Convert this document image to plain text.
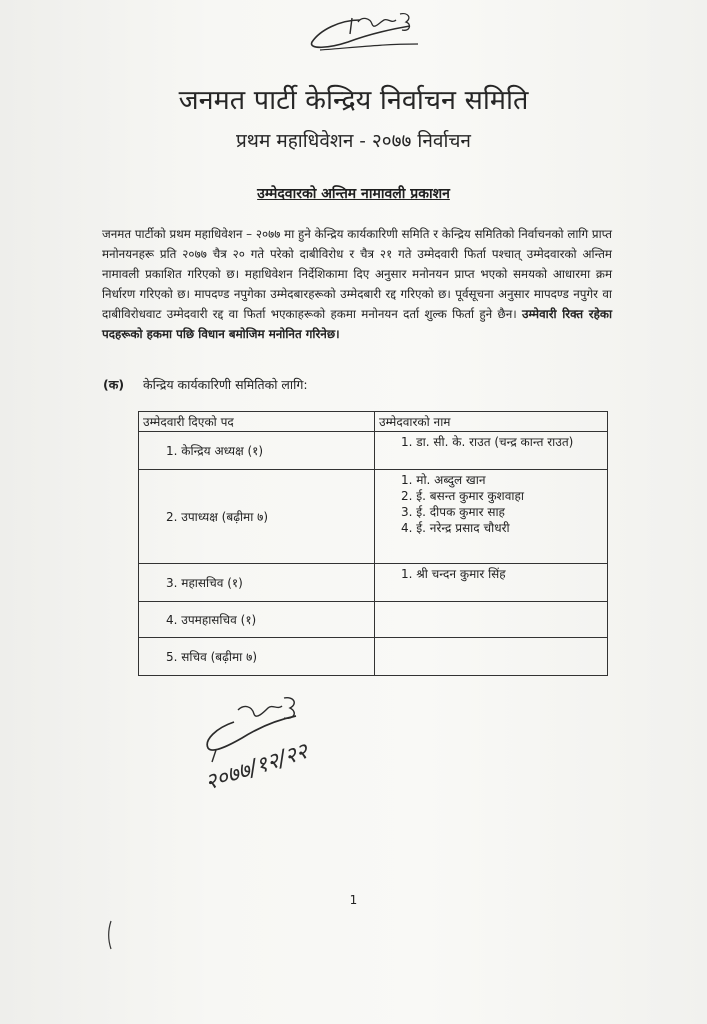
जनमत पार्टी केन्द्रिय निर्वाचन समिति
प्रथम महाधिवेशन - २०७७ निर्वाचन
उम्मेदवारको अन्तिम नामावली प्रकाशन

जनमत पार्टीको प्रथम महाधिवेशन – २०७७ मा हुने केन्द्रिय कार्यकारिणी समिति र केन्द्रिय समितिको निर्वाचनको लागि प्राप्त मनोनयनहरू प्रति २०७७ चैत्र २० गते परेको दाबीविरोध र चैत्र २१ गते उम्मेदवारी फिर्ता पश्चात् उम्मेदवारको अन्तिम नामावली प्रकाशित गरिएको छ। महाधिवेशन निर्देशिकामा दिए अनुसार मनोनयन प्राप्त भएको समयको आधारमा क्रम निर्धारण गरिएको छ। मापदण्ड नपुगेका उम्मेदबारहरूको उम्मेदबारी रद्द गरिएको छ। पूर्वसूचना अनुसार मापदण्ड नपुगेर वा दाबीविरोधवाट उम्मेदवारी रद्द वा फिर्ता भएकाहरूको हकमा मनोनयन दर्ता शुल्क फिर्ता हुने छैन। उम्मेवारी रिक्त रहेका पदहरूको हकमा पछि विधान बमोजिम मनोनित गरिनेछ।

(क) केन्द्रिय कार्यकारिणी समितिको लागि:
उम्मेदवारी दिएको पद	उम्मेदवारको नाम
1. केन्द्रिय अध्यक्ष (१)	1. डा. सी. के. राउत (चन्द्र कान्त राउत)

2. उपाध्यक्ष (बढ़ीमा ७)	1. मो. अब्दुल खान
2. ई. बसन्त कुमार कुशवाहा
3. ई. दीपक कुमार साह
4. ई. नरेन्द्र प्रसाद चौधरी

3. महासचिव (१)	1. श्री चन्दन कुमार सिंह

4. उपमहासचिव (१)	
5. सचिव (बढ़ीमा ७)	
२०७७/१२/२२
1
